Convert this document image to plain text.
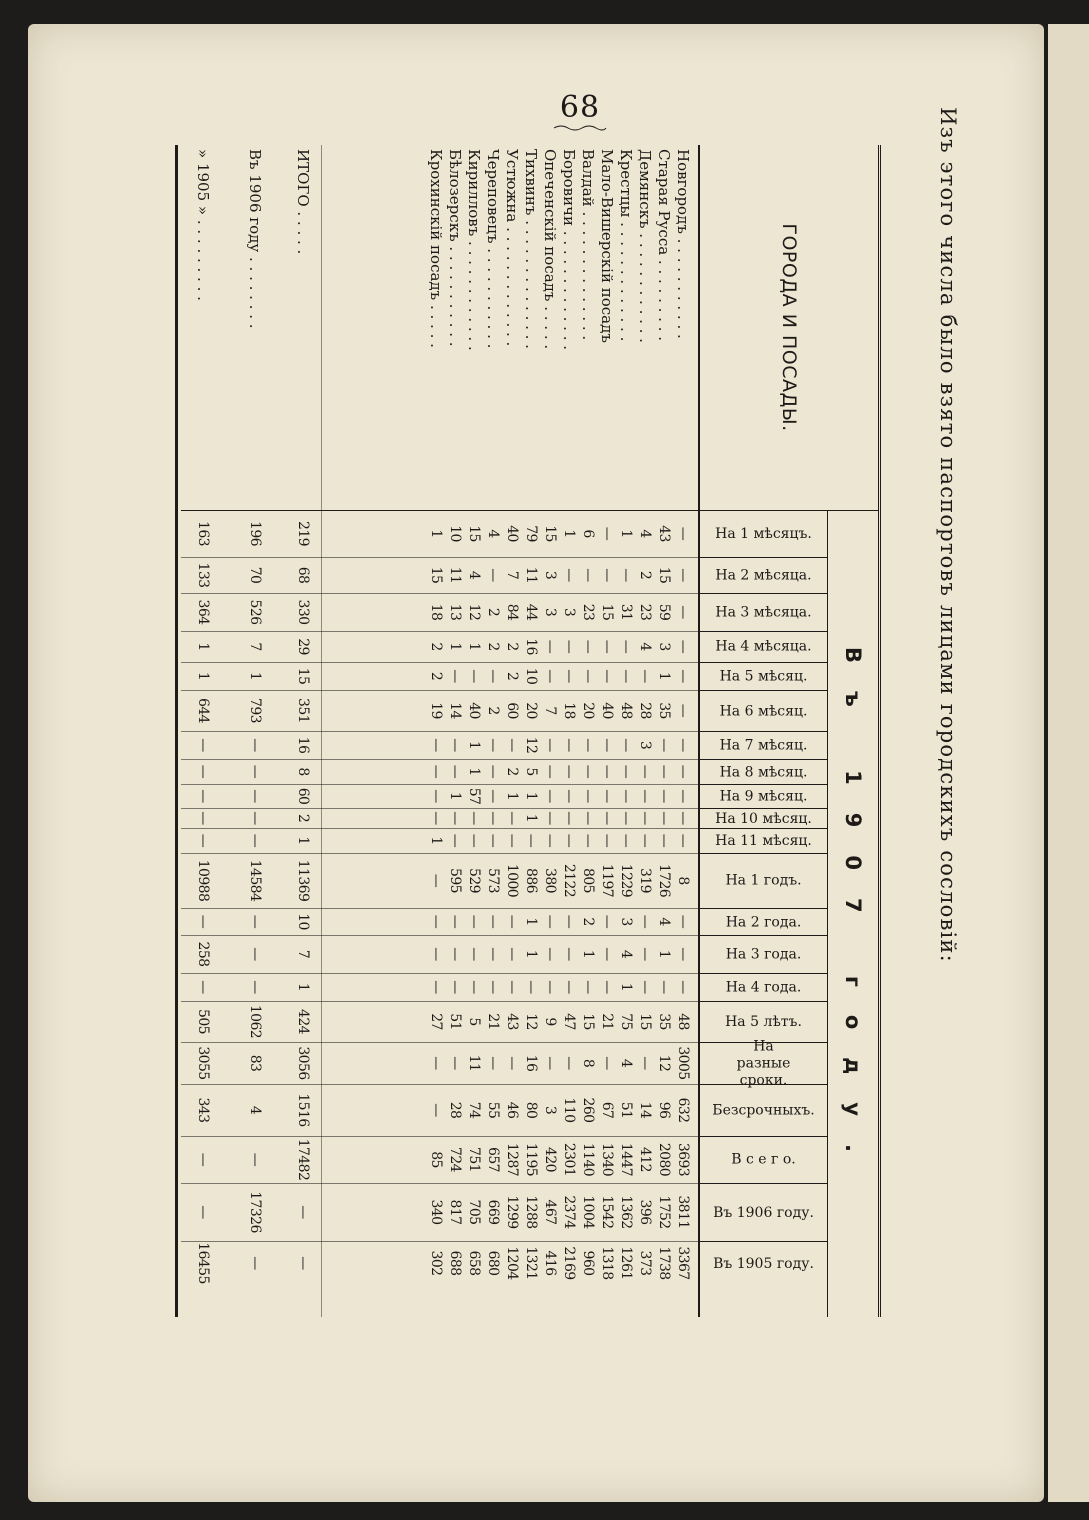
68	Изъ этого числа было взято паспортовъ лицами городскихъ сословій:
ГОРОДА И ПОСАДЫ.
Въ 1907 году.
На 1 мѣсяцъ.
На 2 мѣсяца.
На 3 мѣсяца.
На 4 мѣсяца.
На 5 мѣсяц.
На 6 мѣсяц.
На 7 мѣсяц.
На 8 мѣсяц.
На 9 мѣсяц.
На 10 мѣсяц.
На 11 мѣсяц.
На 1 годъ.
На 2 года.
На 3 года.
На 4 года.
На 5 лѣтъ.
На разные сроки.
Безсрочныхъ.
В с е г о.
Въ 1906 году.
Въ 1905 году.
Новгородъ . . . . . . . . . . .
—
—
—
—
—
—
—
—
—
—
—
8
—
—
—
48
3005
632
3693
3811
3367
Старая Русса . . . . . . . . .
43
15
59
3
1
35
—
—
—
—
—
1726
4
1
—
35
12
96
2080
1752
1738
Демянскъ . . . . . . . . . . . .
4
2
23
4
—
28
3
—
—
—
—
319
—
—
—
15
—
14
412
396
373
Крестцы . . . . . . . . . . . . .
1
—
31
—
—
48
—
—
—
—
—
1229
3
4
1
75
4
51
1447
1362
1261
Мало-Вишерскій посадъ
—
—
15
—
—
40
—
—
—
—
—
1197
—
—
—
21
—
67
1340
1542
1318
Валдай . . . . . . . . . . . . . .
6
—
23
—
—
20
—
—
—
—
—
805
2
1
—
15
8
260
1140
1004
960
Боровичи . . . . . . . . . . . . .
1
—
3
—
—
18
—
—
—
—
—
2122
—
—
—
47
—
110
2301
2374
2169
Опеченскій посадъ . . . . .
15
3
3
—
—
7
—
—
—
—
—
380
—
—
—
9
—
3
420
467
416
Тихвинъ . . . . . . . . . . . . . .
79
11
44
16
10
20
12
5
1
1
—
886
1
1
—
12
16
80
1195
1288
1321
Устюжна . . . . . . . . . . . . .
40
7
84
2
2
60
—
2
1
—
—
1000
—
—
—
43
—
46
1287
1299
1204
Череповецъ . . . . . . . . . . .
4
—
2
2
—
2
—
—
—
—
—
573
—
—
—
21
—
55
657
669
680
Кирилловъ . . . . . . . . . . . .
15
4
12
1
—
40
1
1
57
—
—
529
—
—
—
5
11
74
751
705
658
Бѣлозерскъ . . . . . . . . . . .
10
11
13
1
—
14
—
—
1
—
—
595
—
—
—
51
—
28
724
817
688
Крохинскій посадъ . . . . .
1
15
18
2
2
19
—
—
—
—
1
—
—
—
—
27
—
—
85
340
302
ИТОГО . . . . .
219
68
330
29
15
351
16
8
60
2
1
11369
10
7
1
424
3056
1516
17482
—
—
Въ 1906 году . . . . . . . .
196
70
526
7
1
793
—
—
—
—
—
14584
—
—
—
1062
83
4
—
17326
—
» 1905 » . . . . . . . . .
163
133
364
1
1
644
—
—
—
—
—
10988
—
258
—
505
3055
343
—
—
16455
